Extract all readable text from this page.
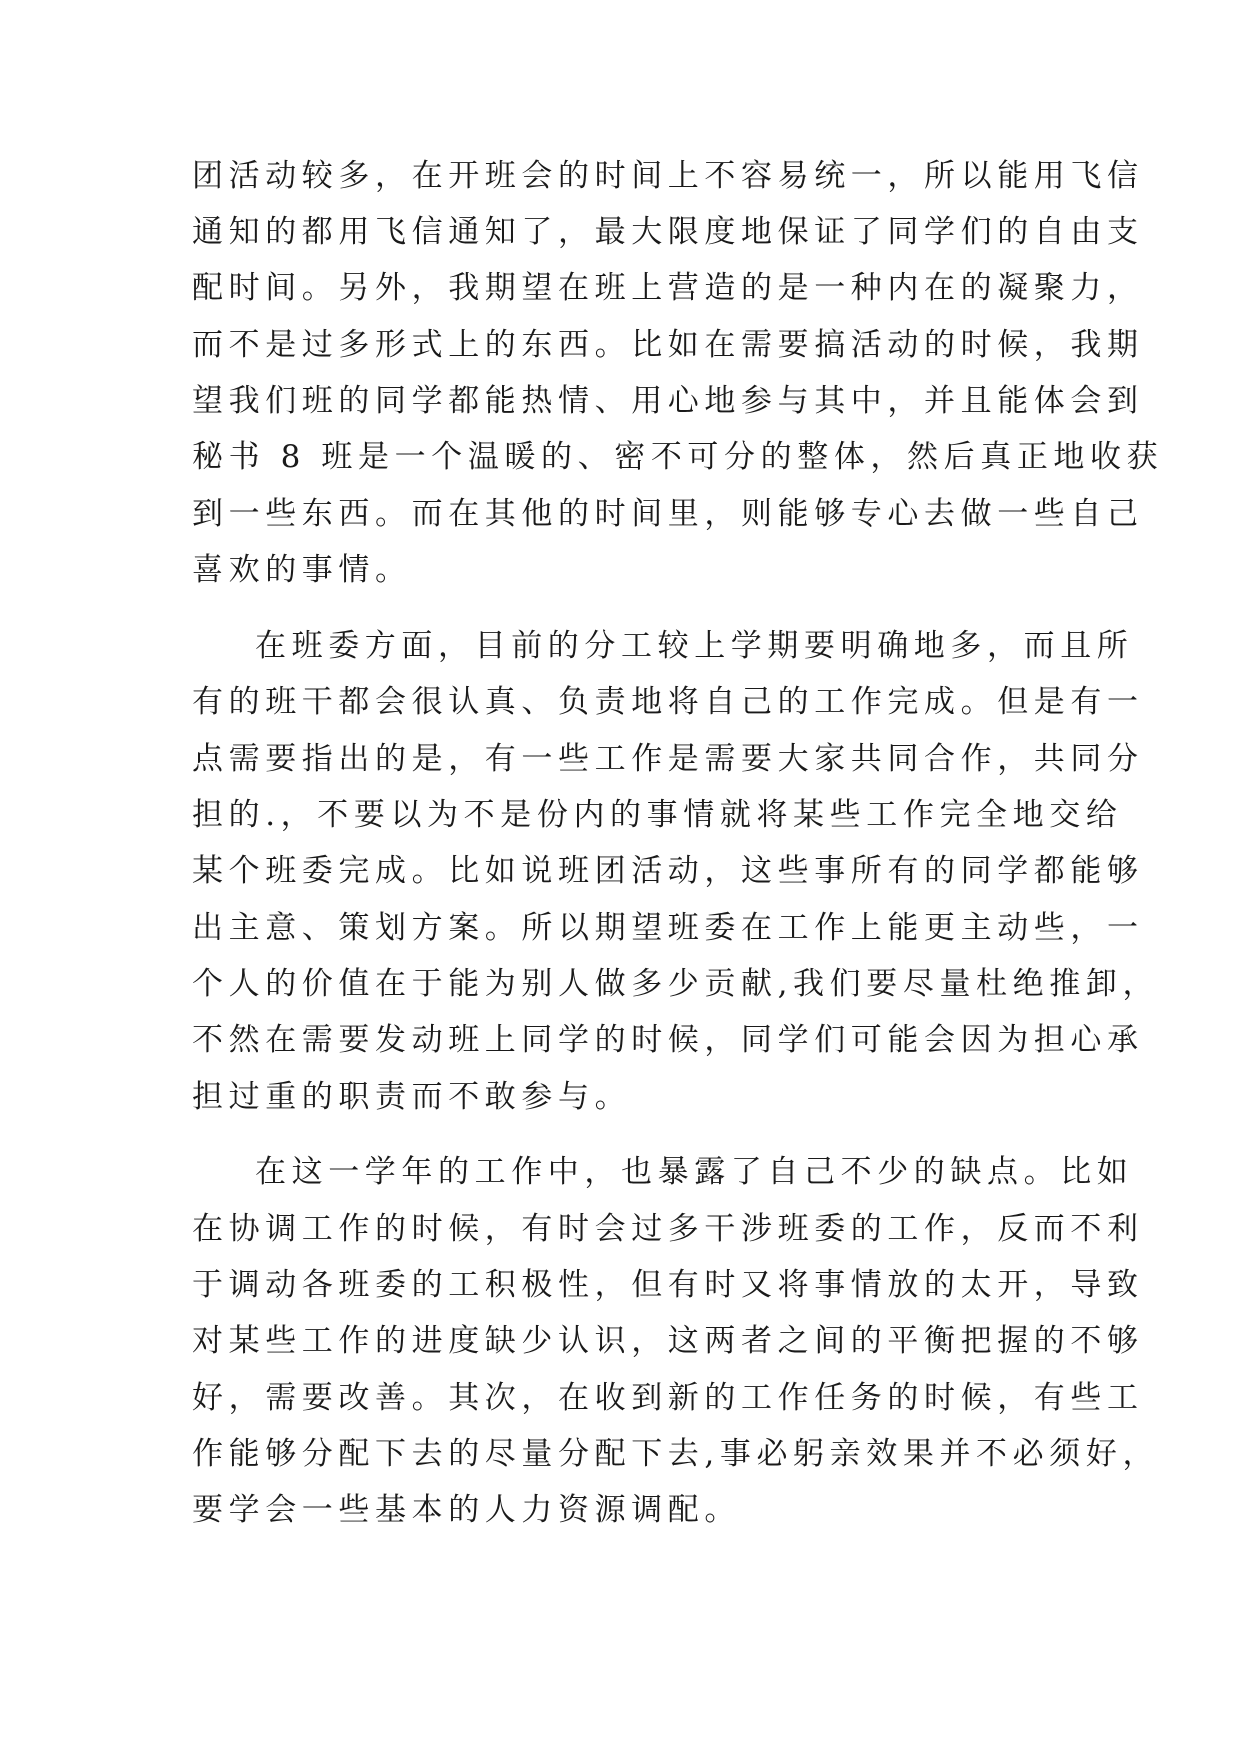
团活动较多，在开班会的时间上不容易统一，所以能用飞信

通知的都用飞信通知了，最大限度地保证了同学们的自由支

配时间。另外，我期望在班上营造的是一种内在的凝聚力，

而不是过多形式上的东西。比如在需要搞活动的时候，我期

望我们班的同学都能热情、用心地参与其中，并且能体会到

秘书 8 班是一个温暖的、密不可分的整体，然后真正地收获

到一些东西。而在其他的时间里，则能够专心去做一些自己

喜欢的事情。

在班委方面，目前的分工较上学期要明确地多，而且所

有的班干都会很认真、负责地将自己的工作完成。但是有一

点需要指出的是，有一些工作是需要大家共同合作，共同分

担的.，不要以为不是份内的事情就将某些工作完全地交给

某个班委完成。比如说班团活动，这些事所有的同学都能够

出主意、策划方案。所以期望班委在工作上能更主动些，一

个人的价值在于能为别人做多少贡献,我们要尽量杜绝推卸，

不然在需要发动班上同学的时候，同学们可能会因为担心承

担过重的职责而不敢参与。

在这一学年的工作中，也暴露了自己不少的缺点。比如

在协调工作的时候，有时会过多干涉班委的工作，反而不利

于调动各班委的工积极性，但有时又将事情放的太开，导致

对某些工作的进度缺少认识，这两者之间的平衡把握的不够

好，需要改善。其次，在收到新的工作任务的时候，有些工

作能够分配下去的尽量分配下去,事必躬亲效果并不必须好，

要学会一些基本的人力资源调配。
